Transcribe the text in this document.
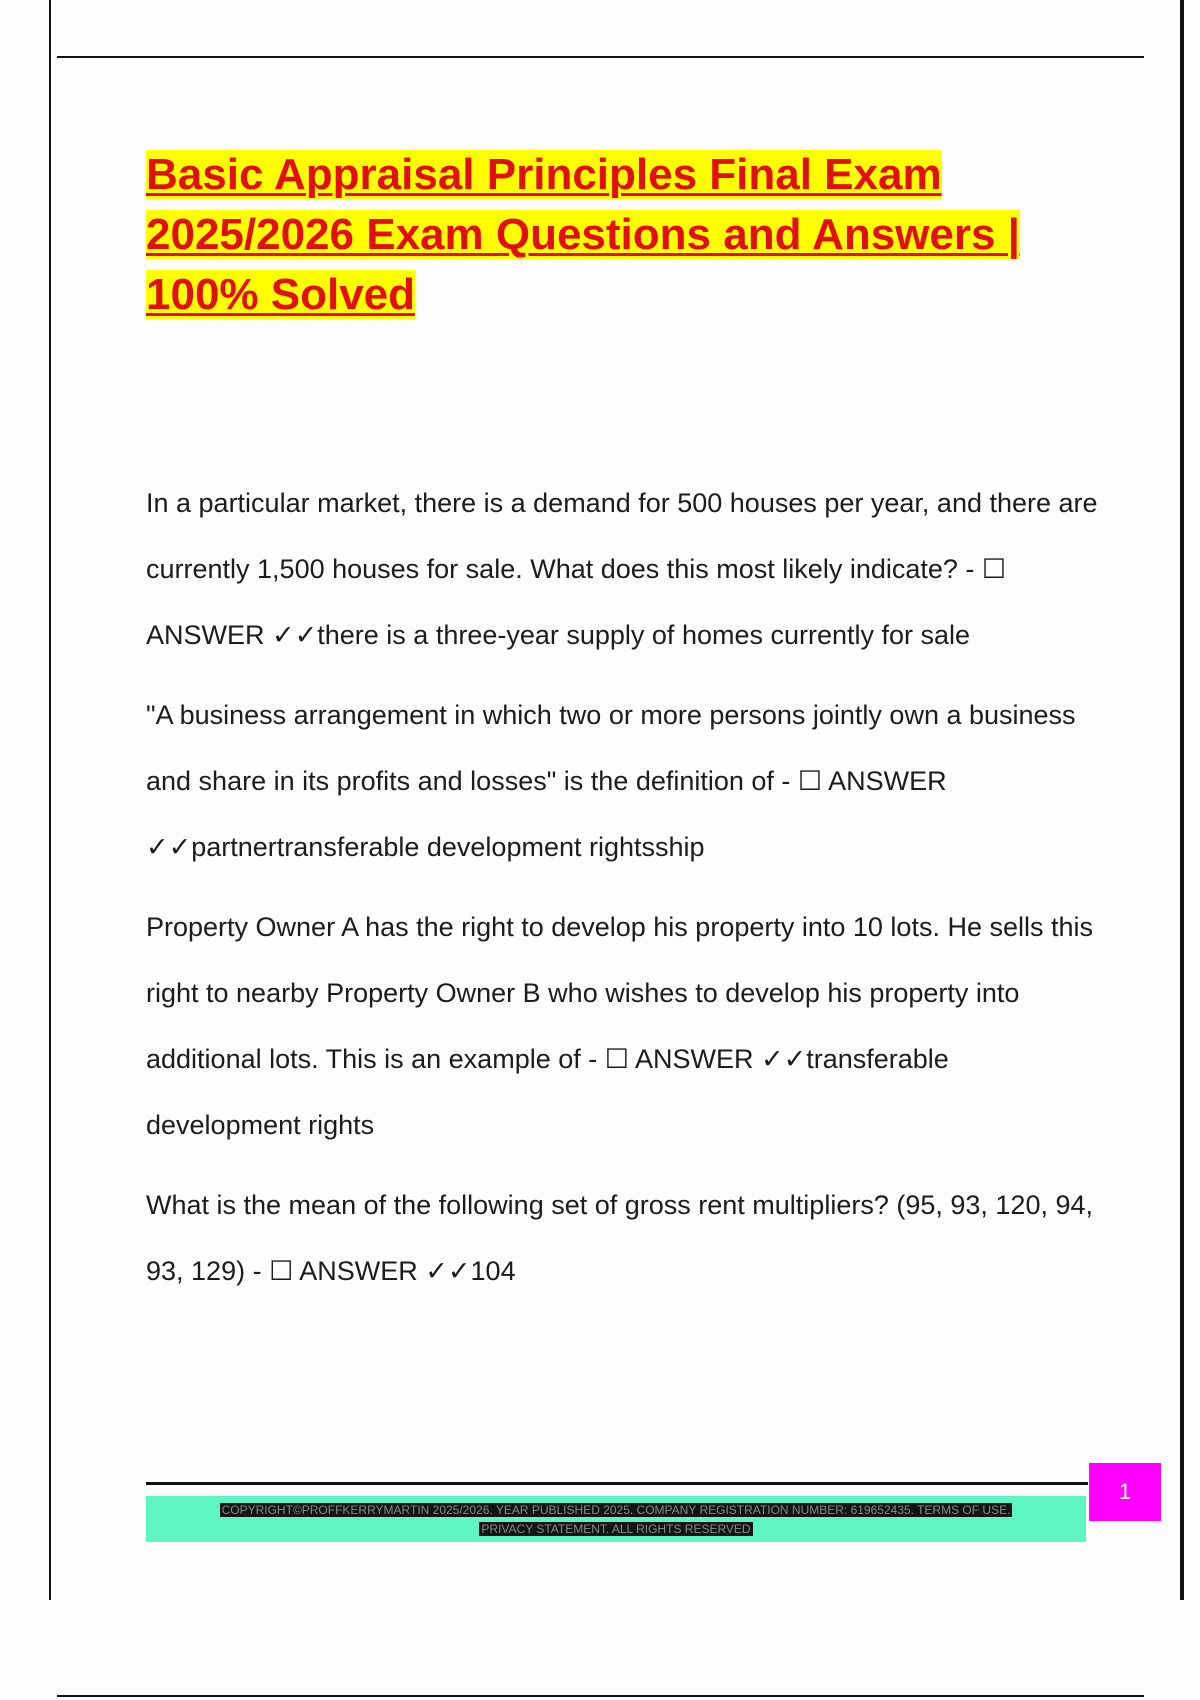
Basic Appraisal Principles Final Exam 2025/2026 Exam Questions and Answers | 100% Solved

In a particular market, there is a demand for 500 houses per year, and there are currently 1,500 houses for sale. What does this most likely indicate? - ☐ ANSWER ✓✓there is a three-year supply of homes currently for sale

"A business arrangement in which two or more persons jointly own a business and share in its profits and losses" is the definition of - ☐ ANSWER ✓✓partnertransferable development rightsship

Property Owner A has the right to develop his property into 10 lots. He sells this right to nearby Property Owner B who wishes to develop his property into additional lots. This is an example of - ☐ ANSWER ✓✓transferable development rights

What is the mean of the following set of gross rent multipliers? (95, 93, 120, 94, 93, 129) - ☐ ANSWER ✓✓104

COPYRIGHT©PROFFKERRYMARTIN 2025/2026. YEAR PUBLISHED 2025. COMPANY REGISTRATION NUMBER: 619652435. TERMS OF USE.
PRIVACY STATEMENT. ALL RIGHTS RESERVED
1
